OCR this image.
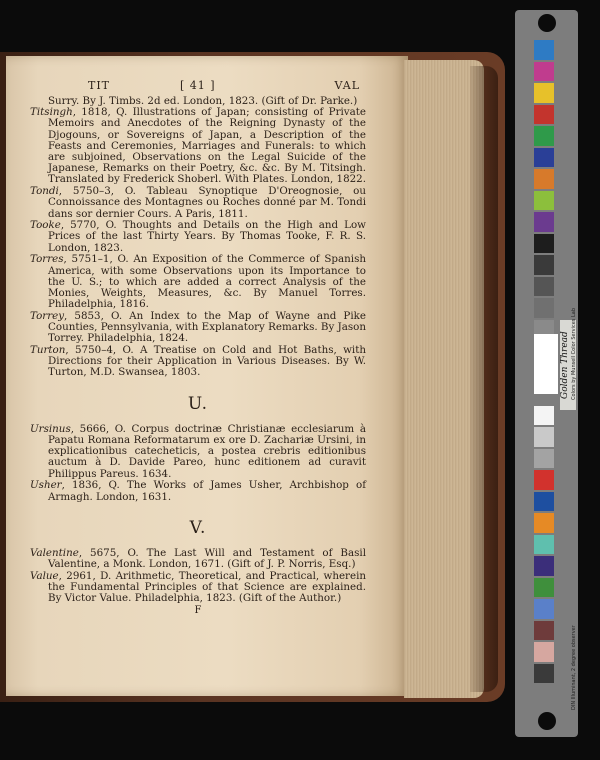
TIT	[ 41 ]	VAL
Surry. By J. Timbs. 2d ed. London, 1823. (Gift of Dr. Parke.)
Titsingh, 1818, Q. Illustrations of Japan; consisting of Private Memoirs and Anecdotes of the Reigning Dynasty of the Djogouns, or Sovereigns of Japan, a Description of the Feasts and Ceremonies, Marriages and Funerals: to which are subjoined, Observations on the Legal Suicide of the Japanese, Remarks on their Poetry, &c. &c. By M. Titsingh. Translated by Frederick Shoberl. With Plates. London, 1822.
Tondi, 5750–3, O. Tableau Synoptique D'Oreognosie, ou Connoissance des Montagnes ou Roches donné par M. Tondi dans sor dernier Cours. A Paris, 1811.
Tooke, 5770, O. Thoughts and Details on the High and Low Prices of the last Thirty Years. By Thomas Tooke, F. R. S. London, 1823.
Torres, 5751–1, O. An Exposition of the Commerce of Spanish America, with some Observations upon its Importance to the U. S.; to which are added a correct Analysis of the Monies, Weights, Measures, &c. By Manuel Torres. Philadelphia, 1816.
Torrey, 5853, O. An Index to the Map of Wayne and Pike Counties, Pennsylvania, with Explanatory Remarks. By Jason Torrey. Philadelphia, 1824.
Turton, 5750–4, O. A Treatise on Cold and Hot Baths, with Directions for their Application in Various Diseases. By W. Turton, M.D. Swansea, 1803.
U.
Ursinus, 5666, O. Corpus doctrinæ Christianæ ecclesiarum à Papatu Romana Reformatarum ex ore D. Zachariæ Ursini, in explicationibus catecheticis, a postea crebris editionibus auctum à D. Davide Pareo, hunc editionem ad curavit Philippus Pareus. 1634.
Usher, 1836, Q. The Works of James Usher, Archbishop of Armagh. London, 1631.
V.
Valentine, 5675, O. The Last Will and Testament of Basil Valentine, a Monk. London, 1671. (Gift of J. P. Norris, Esq.)
Value, 2961, D. Arithmetic, Theoretical, and Practical, wherein the Fundamental Principles of that Science are explained. By Victor Value. Philadelphia, 1823. (Gift of the Author.)
F
Golden Thread Colors by Munsell Color Services Lab
DIN Illuminant, 2 degree observer
